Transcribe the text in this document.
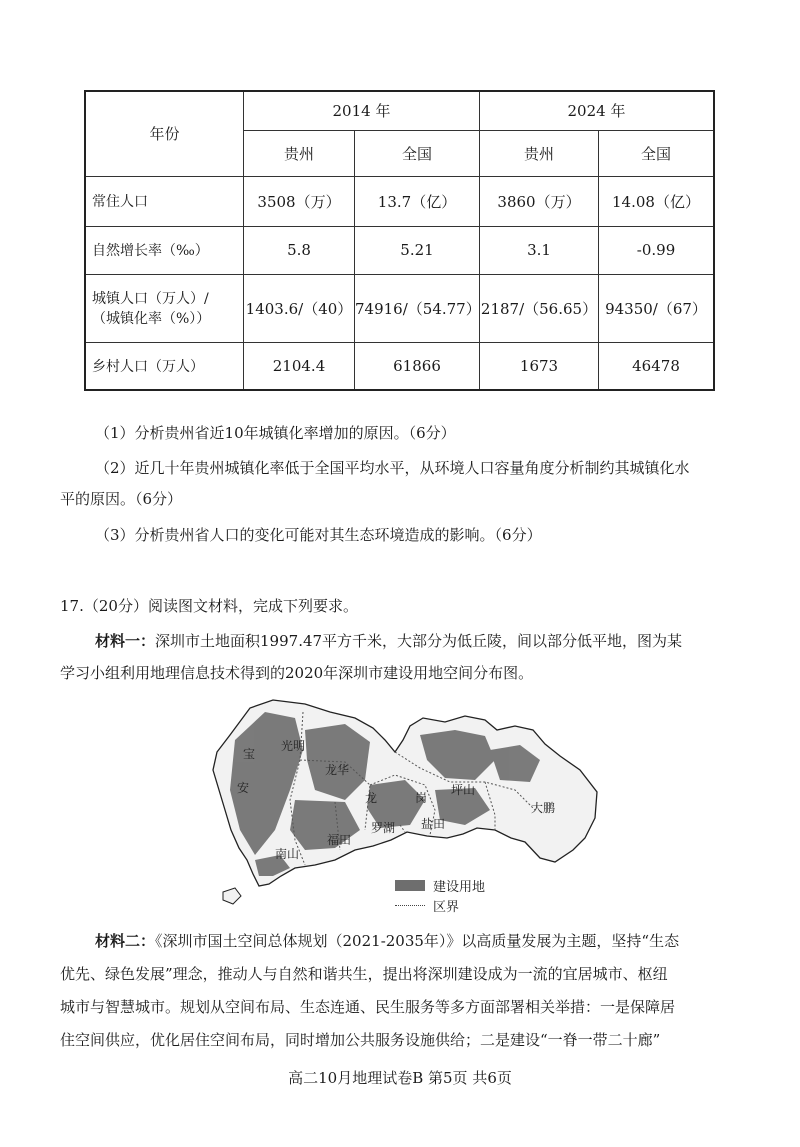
年份	2014 年		2024 年	
	贵州	全国	贵州	全国
常住人口	3508（万）	13.7（亿）	3860（万）	14.08（亿）
自然增长率（‰）	5.8	5.21	3.1	-0.99

城镇人口（万人）/
（城镇化率（%））	1403.6/（40）	74916/（54.77）	2187/（56.65）	94350/（67）
乡村人口（万人）	2104.4	61866	1673	46478
（1）分析贵州省近10年城镇化率增加的原因。（6分）
（2）近几十年贵州城镇化率低于全国平均水平，从环境人口容量角度分析制约其城镇化水
平的原因。（6分）
（3）分析贵州省人口的变化可能对其生态环境造成的影响。（6分）
17.（20分）阅读图文材料，完成下列要求。
材料一：深圳市土地面积1997.47平方千米，大部分为低丘陵，间以部分低平地，图为某
学习小组利用地理信息技术得到的2020年深圳市建设用地空间分布图。
宝
安
光明
龙华
龙	岗
坪山
大鹏
南山
福田
罗湖 盐田
建设用地
区界
材料二：《深圳市国土空间总体规划（2021-2035年）》以高质量发展为主题，坚持“生态
优先、绿色发展”理念，推动人与自然和谐共生，提出将深圳建设成为一流的宜居城市、枢纽
城市与智慧城市。规划从空间布局、生态连通、民生服务等多方面部署相关举措：一是保障居
住空间供应，优化居住空间布局，同时增加公共服务设施供给；二是建设“一脊一带二十廊”
高二10月地理试卷B 第5页 共6页
